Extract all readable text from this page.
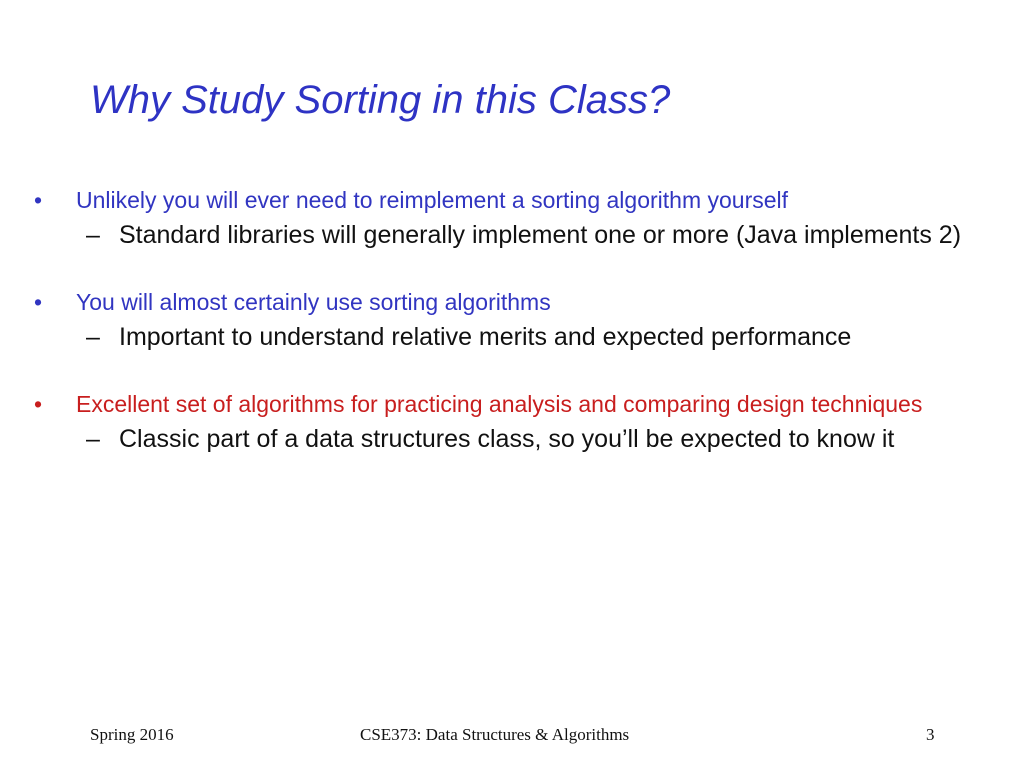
Why Study Sorting in this Class?
• Unlikely you will ever need to reimplement a sorting algorithm yourself
– Standard libraries will generally implement one or more (Java implements 2)
• You will almost certainly use sorting algorithms
– Important to understand relative merits and expected performance
• Excellent set of algorithms for practicing analysis and comparing design techniques
– Classic part of a data structures class, so you’ll be expected to know it
Spring 2016	CSE373: Data Structures & Algorithms	3
